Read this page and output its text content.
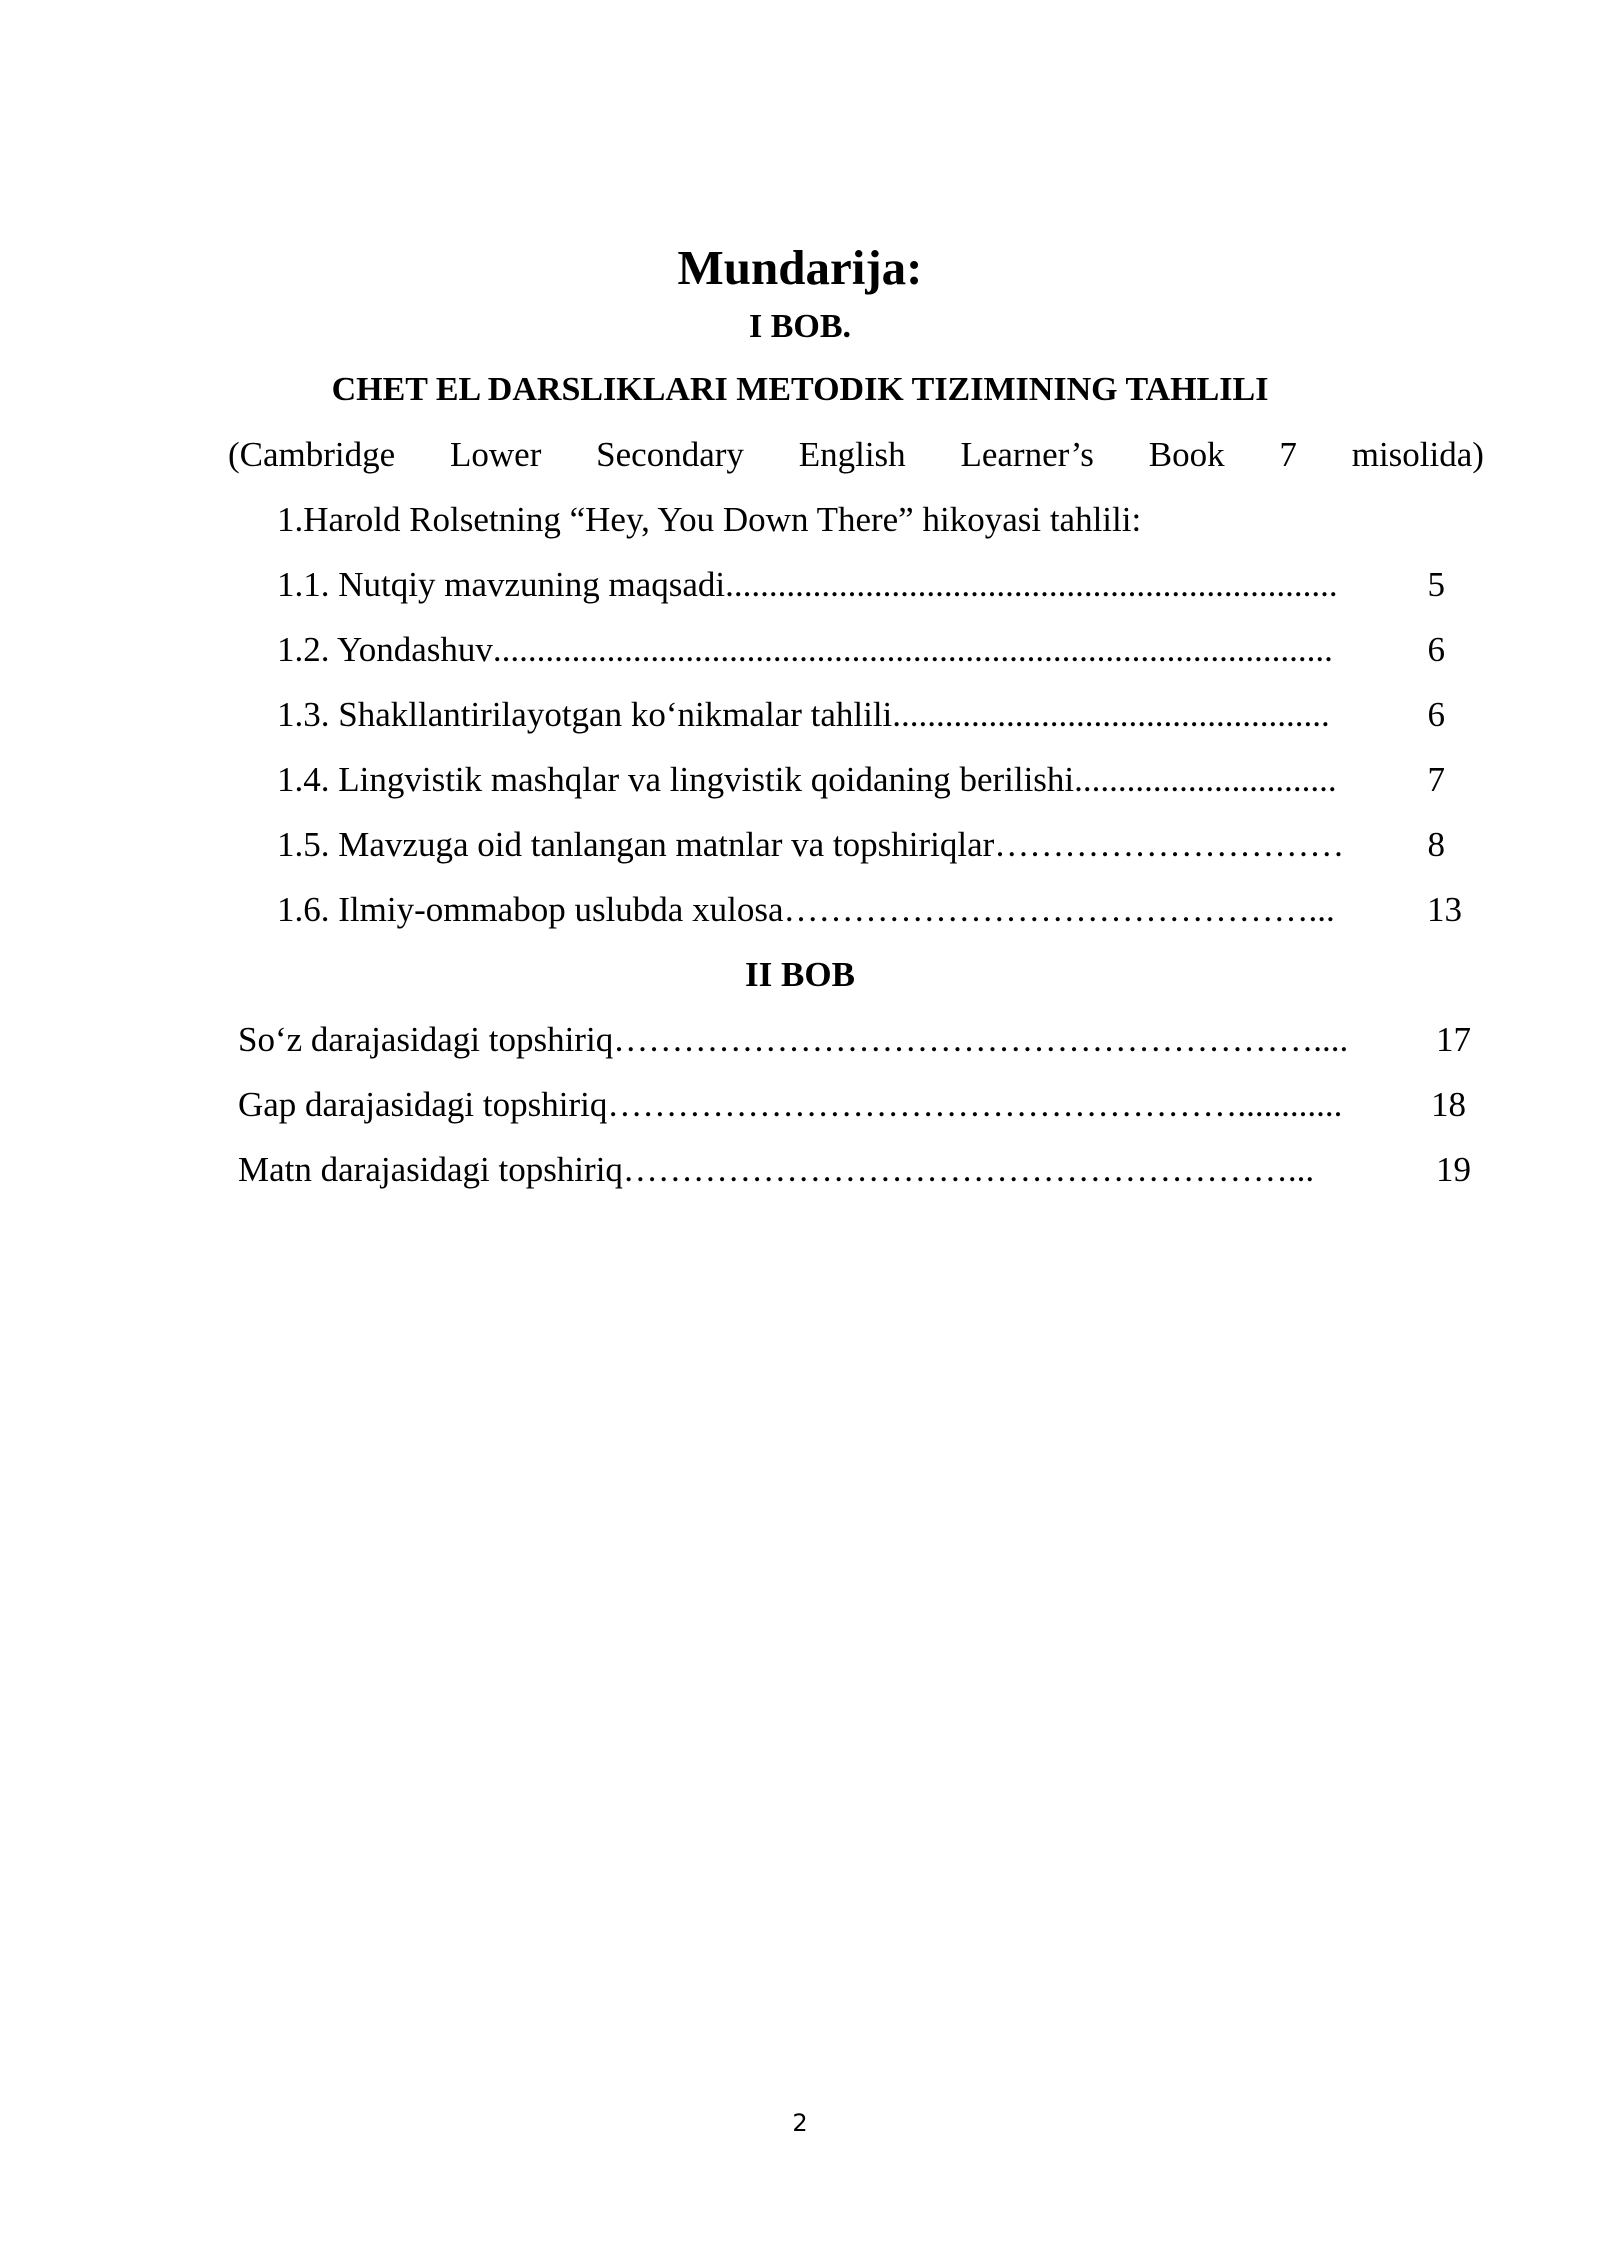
Mundarija:
I BOB.
CHET EL DARSLIKLARI METODIK TIZIMINING TAHLILI
(Cambridge Lower Secondary English Learner’s Book 7 misolida)
1.Harold Rolsetning “Hey, You Down There” hikoyasi tahlili:
1.1. Nutqiy mavzuning maqsadi ......................................................................	5
1.2. Yondashuv ................................................................................................	6
1.3. Shakllantirilayotgan ko‘nikmalar tahlili ..................................................	6
1.4. Lingvistik mashqlar va lingvistik qoidaning berilishi ..............................	7
1.5. Mavzuga oid tanlangan matnlar va topshiriqlar …………………………	8
1.6. Ilmiy-ommabop uslubda xulosa ………………………………………...	13
II BOB
So‘z darajasidagi topshiriq ……………………………………………………....	17
Gap darajasidagi topshiriq ………………………………………………............	18
Matn darajasidagi topshiriq …………………………………………………...	19
2
